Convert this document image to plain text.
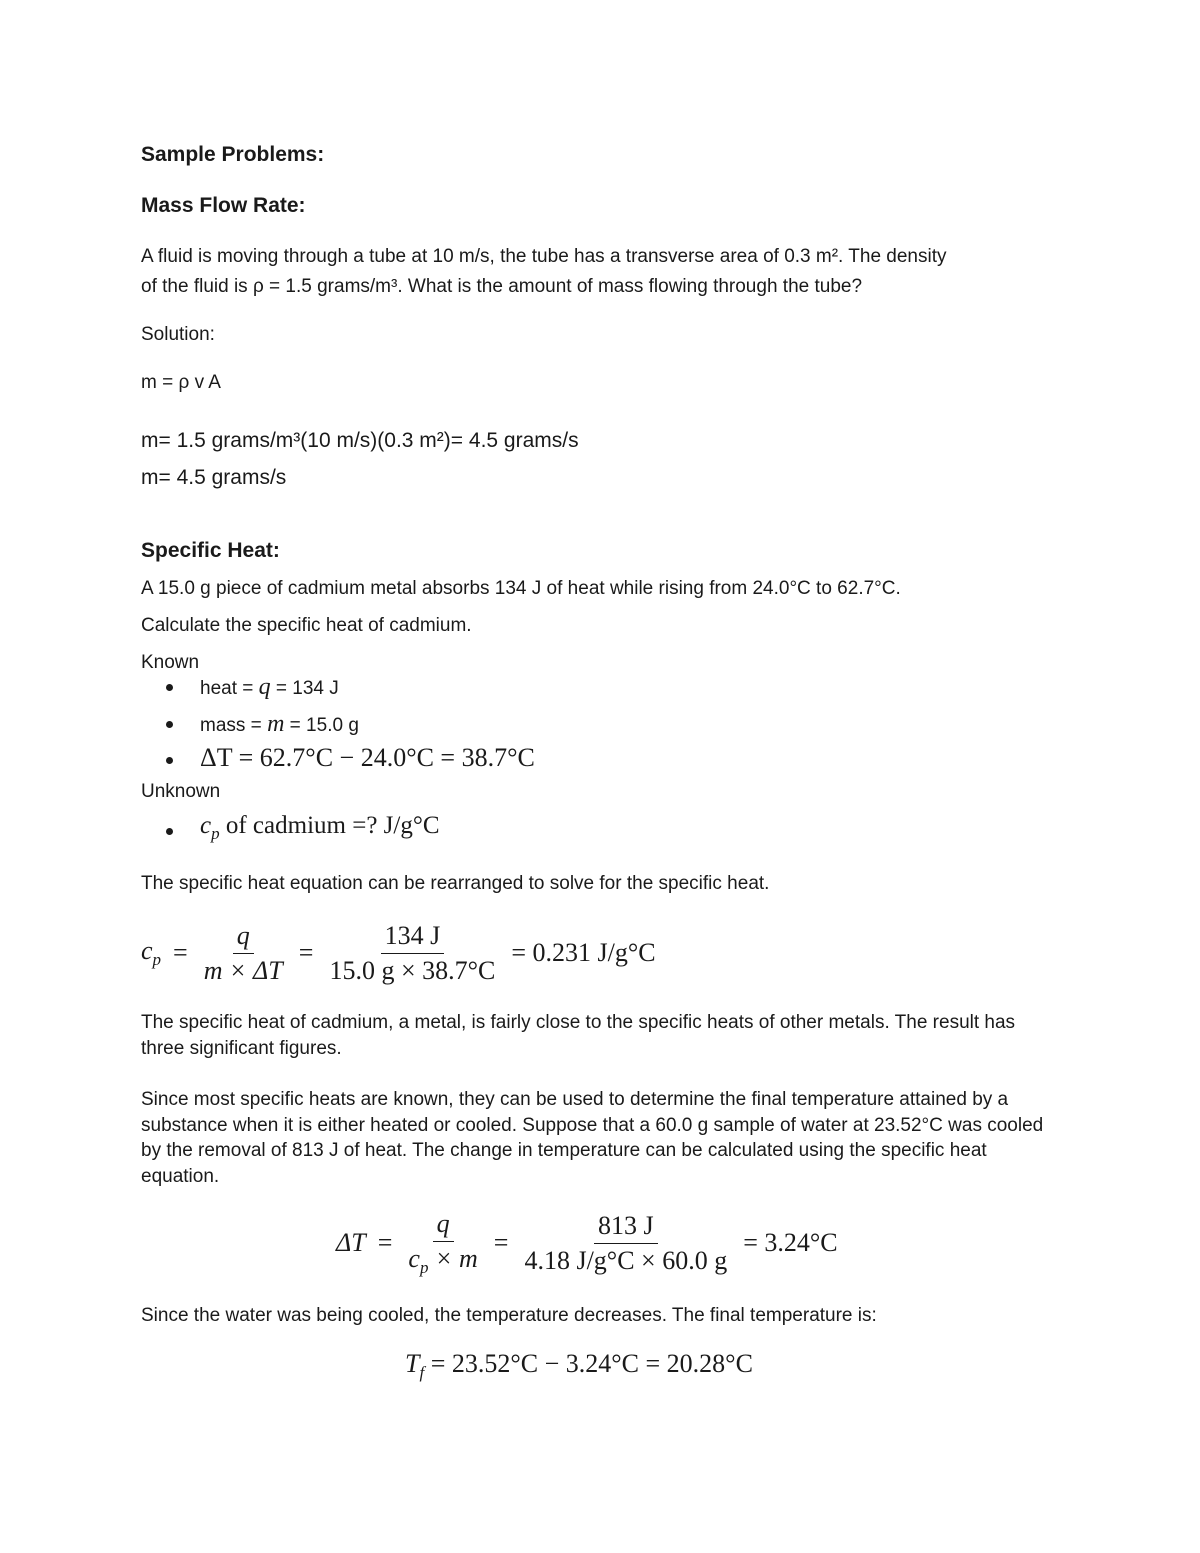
Sample Problems:
Mass Flow Rate:
A fluid is moving through a tube at 10 m/s, the tube has a transverse area of 0.3 m². The density
of the fluid is ρ = 1.5 grams/m³. What is the amount of mass flowing through the tube?
Solution:
m = ρ v A
m= 1.5 grams/m³(10 m/s)(0.3 m²)= 4.5 grams/s
m= 4.5 grams/s
Specific Heat:
A 15.0 g piece of cadmium metal absorbs 134 J of heat while rising from 24.0°C to 62.7°C.
Calculate the specific heat of cadmium.
Known
heat = q = 134 J
mass = m = 15.0 g
ΔT = 62.7°C − 24.0°C = 38.7°C
Unknown
$c_p$ of cadmium =? J/g°C
The specific heat equation can be rearranged to solve for the specific heat.
$c_p = \frac{q}{m \times \Delta T} = \frac{134 J}{15.0 g \times 38.7^\circ C} = 0.231$ J/g°C
The specific heat of cadmium, a metal, is fairly close to the specific heats of other metals. The result has three significant figures.
Since most specific heats are known, they can be used to determine the final temperature attained by a substance when it is either heated or cooled. Suppose that a 60.0 g sample of water at 23.52°C was cooled by the removal of 813 J of heat. The change in temperature can be calculated using the specific heat equation.
$\Delta T = \frac{q}{c_p \times m} = \frac{813 J}{4.18 J/g^\circ C \times 60.0 g} = 3.24^\circ C$
Since the water was being cooled, the temperature decreases. The final temperature is:
$T_f = 23.52^\circ C - 3.24^\circ C = 20.28^\circ C$
